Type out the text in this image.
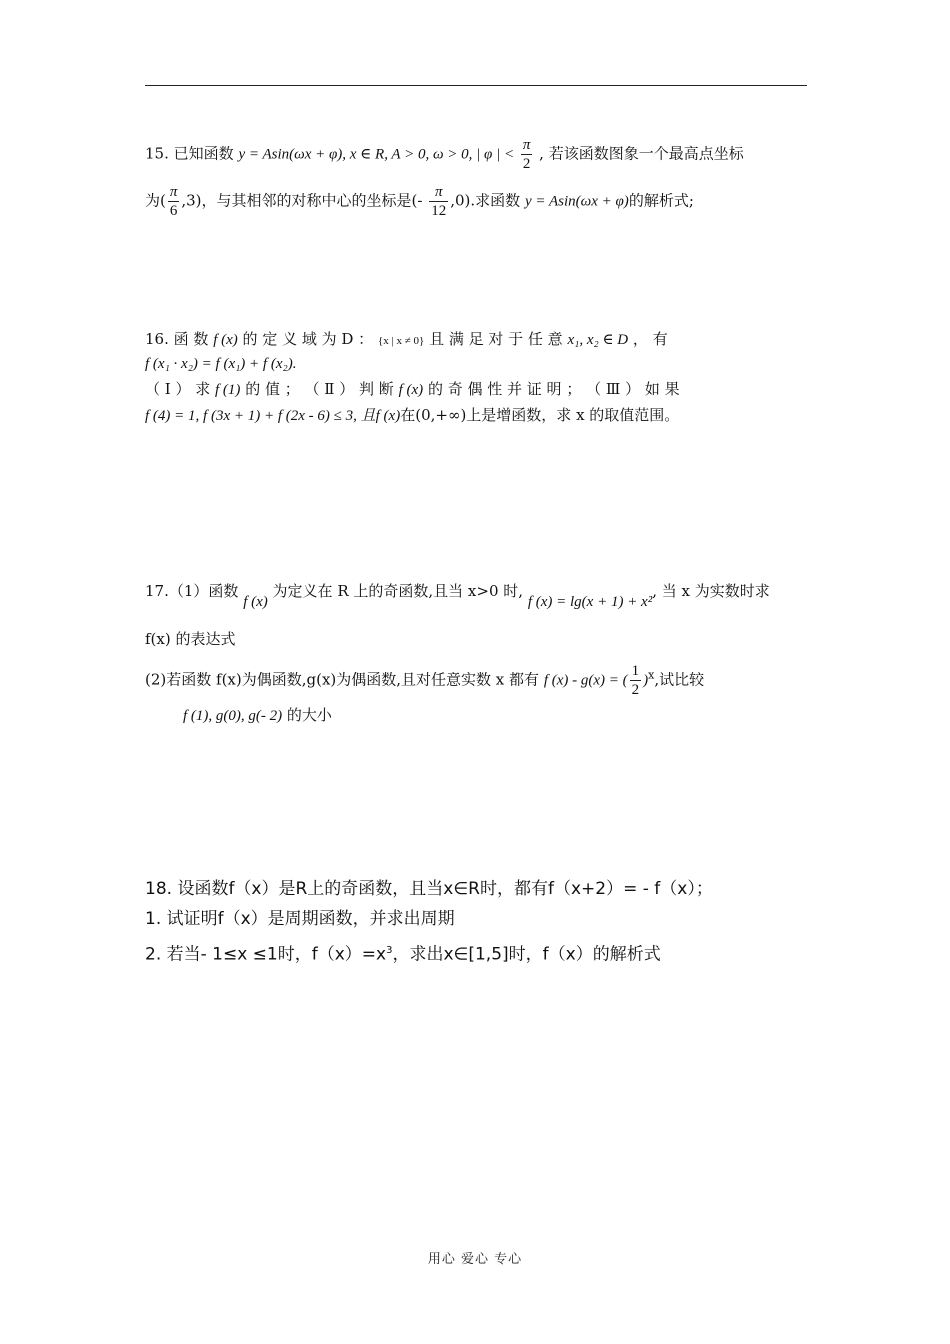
15. 已知函数 y = Asin(ωx + φ), x ∈ R, A > 0, ω > 0, | φ | < $\frac{\pi}{2}$ , 若该函数图象一个最高点坐标
为( $\frac{\pi}{6} ,3$)，与其相邻的对称中心的坐标是(- $\frac{\pi}{12} ,0$).求函数 y = Asin(ωx + φ)的解析式;
16. 函 数 f (x) 的 定 义 域 为 D ： {x | x ≠ 0} 且 满 足 对 于 任 意 x₁, x₂ ∈ D ， 有
f (x₁ · x₂) = f (x₁) + f (x₂).
（ Ⅰ ） 求 f (1) 的 值 ； （ Ⅱ ） 判 断 f (x) 的 奇 偶 性 并 证 明 ； （ Ⅲ ） 如 果
f (4) = 1, f (3x + 1) + f (2x - 6) ≤ 3, 且f (x)在(0,+∞)上是增函数，求 x 的取值范围。
17.（1）函数 f (x) 为定义在 R 上的奇函数,且当 x>0 时, f (x) = lg(x + 1) + x², 当 x 为实数时求
f(x) 的表达式
(2)若函数 f(x)为偶函数,g(x)为偶函数,且对任意实数 x 都有 f (x) - g(x) = ( $\frac{1}{2} )^x$,试比较
f (1), g(0), g(- 2) 的大小
18. 设函数f（x）是R上的奇函数，且当x∈R时，都有f（x+2）= - f（x）；
1. 试证明f（x）是周期函数，并求出周期
2. 若当- 1≤x ≤1时，$f(x)=x^3$，求出x∈[1,5]时，f（x）的解析式
用心 爱心 专心
